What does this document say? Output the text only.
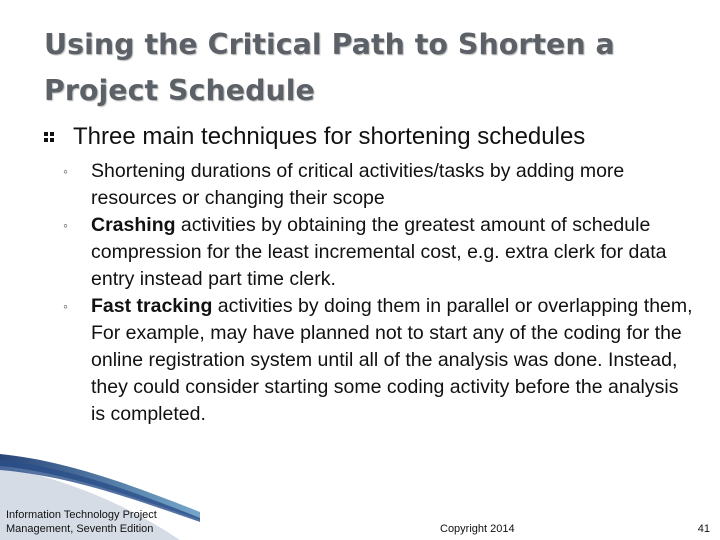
Using the Critical Path to Shorten a Project Schedule

Three main techniques for shortening schedules

◦ Shortening durations of critical activities/tasks by adding more resources or changing their scope
◦ Crashing activities by obtaining the greatest amount of schedule compression for the least incremental cost, e.g. extra clerk for data entry instead part time clerk.
◦ Fast tracking activities by doing them in parallel or overlapping them, For example, may have planned not to start any of the coding for the online registration system until all of the analysis was done. Instead, they could consider starting some coding activity before the analysis is completed.
Information Technology Project Management, Seventh Edition	Copyright 2014	41
